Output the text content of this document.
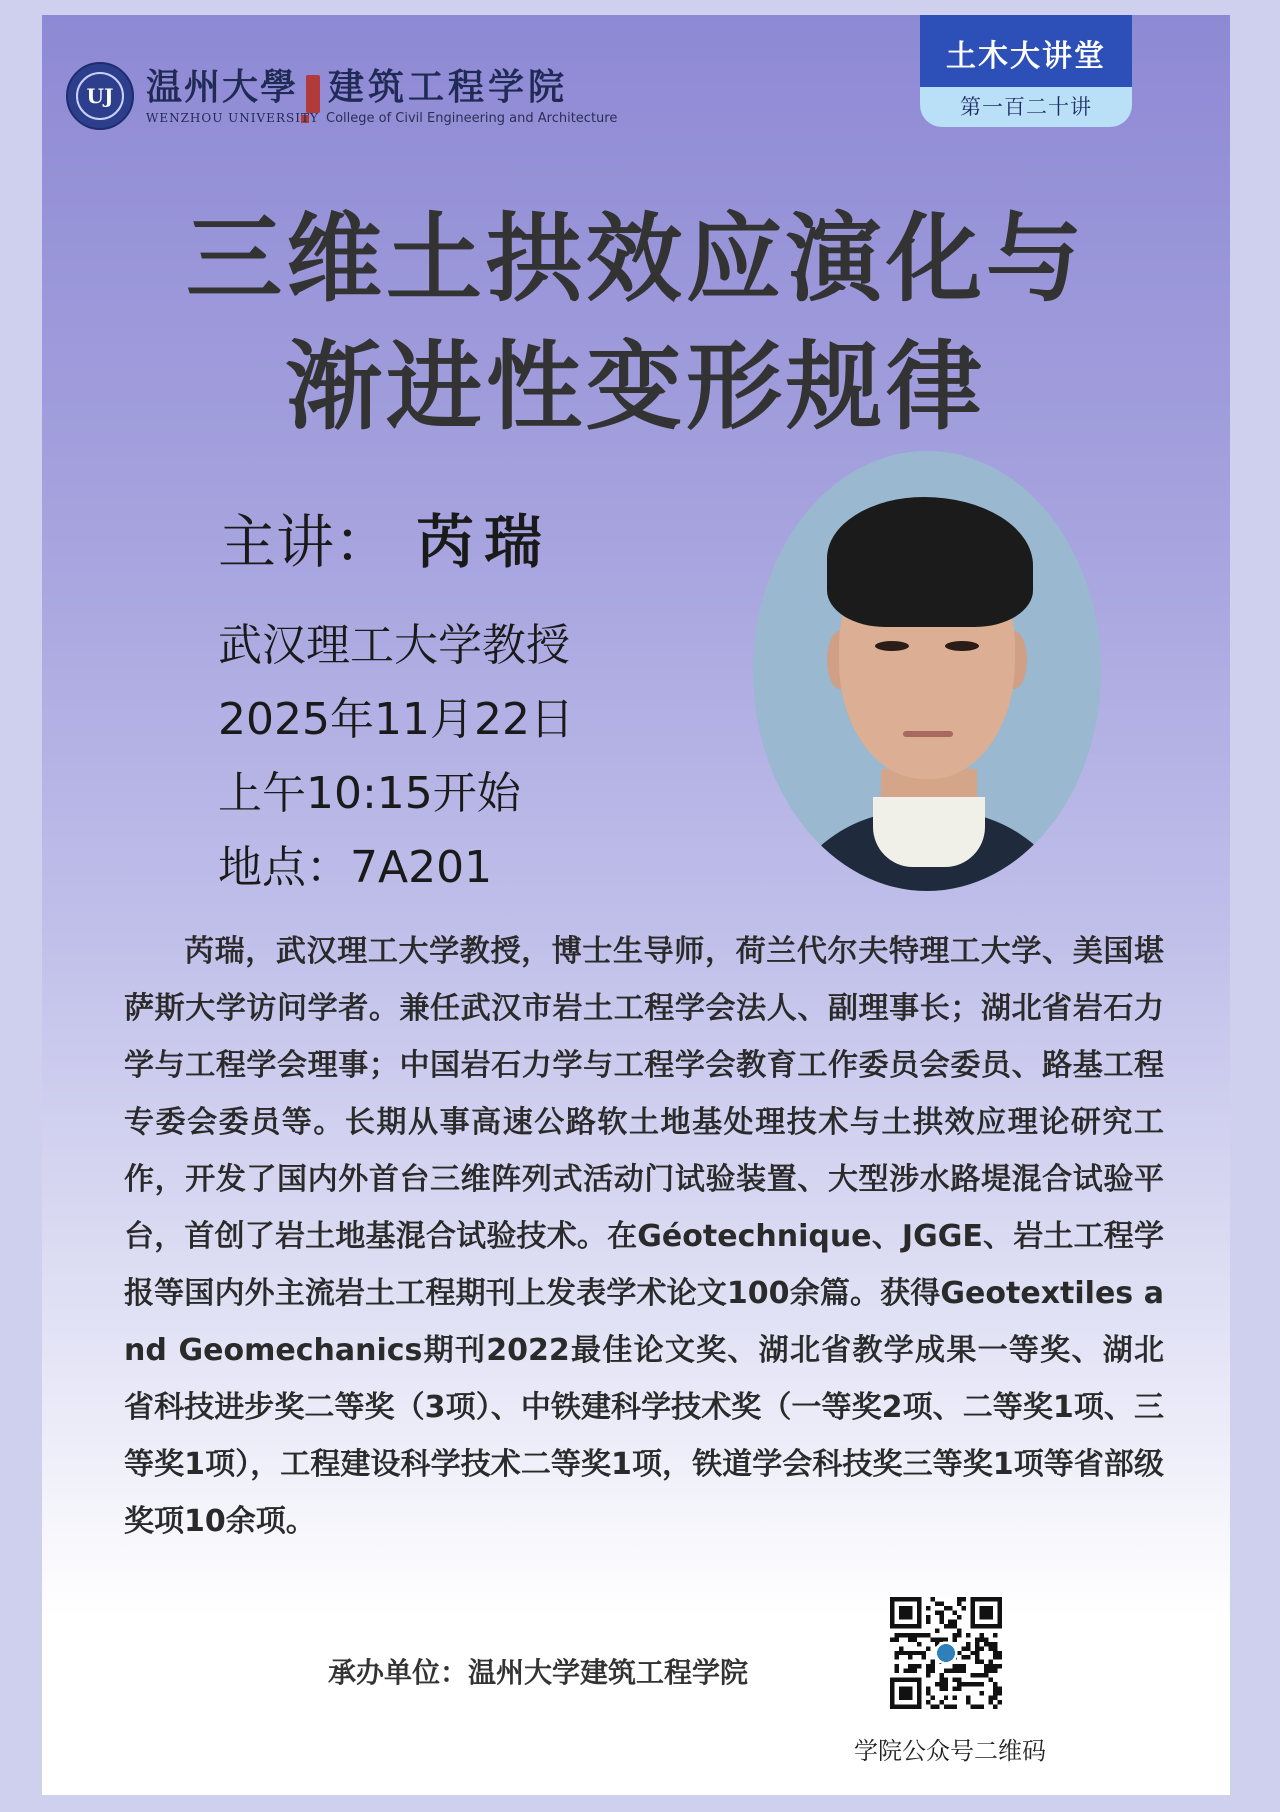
UJ 温州大學
WENZHOU UNIVERSITY
建筑工程学院
College of Civil Engineering and Architecture
土木大讲堂
第一百二十讲
三维土拱效应演化与
渐进性变形规律
主讲： 芮瑞
武汉理工大学教授
2025年11月22日
上午10:15开始
地点：7A201

芮瑞，武汉理工大学教授，博士生导师，荷兰代尔夫特理工大学、美国堪萨斯大学访问学者。兼任武汉市岩土工程学会法人、副理事长；湖北省岩石力学与工程学会理事；中国岩石力学与工程学会教育工作委员会委员、路基工程专委会委员等。长期从事高速公路软土地基处理技术与土拱效应理论研究工作，开发了国内外首台三维阵列式活动门试验装置、大型涉水路堤混合试验平台，首创了岩土地基混合试验技术。在Géotechnique、JGGE、岩土工程学报等国内外主流岩土工程期刊上发表学术论文100余篇。获得Geotextiles and Geomechanics期刊2022最佳论文奖、湖北省教学成果一等奖、湖北省科技进步奖二等奖（3项）、中铁建科学技术奖（一等奖2项、二等奖1项、三等奖1项），工程建设科学技术二等奖1项，铁道学会科技奖三等奖1项等省部级奖项10余项。

承办单位：温州大学建筑工程学院
学院公众号二维码
